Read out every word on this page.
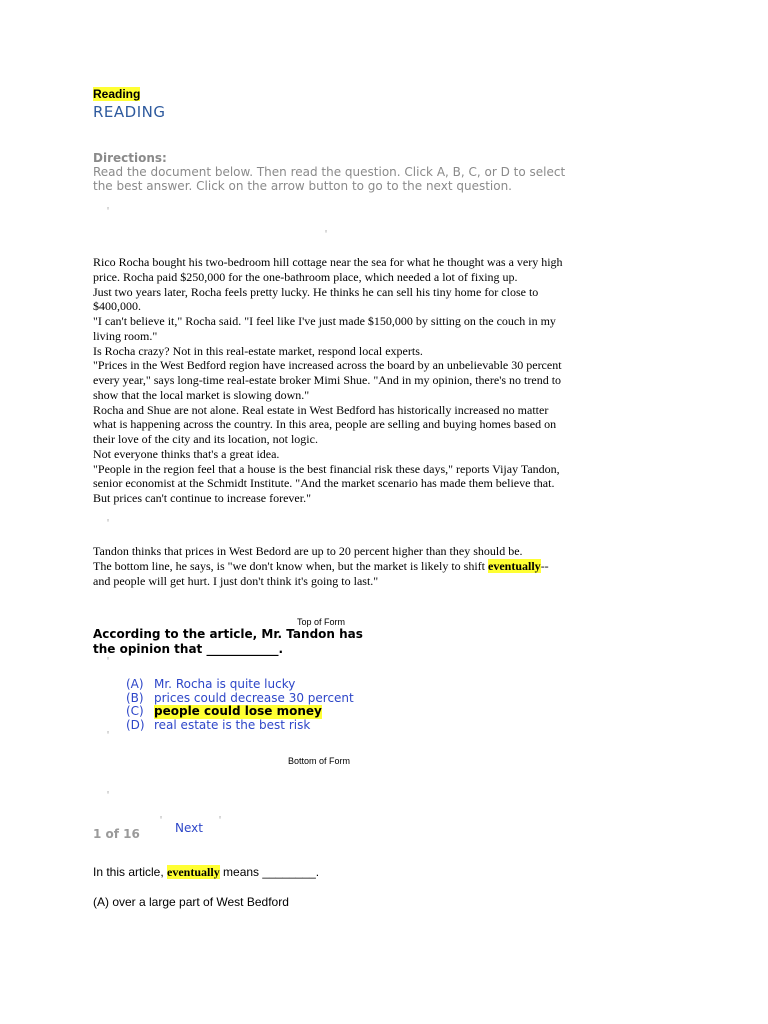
Reading
READING
Directions:
Read the document below. Then read the question. Click A, B, C, or D to select the best answer. Click on the arrow button to go to the next question.
◦
◦

Rico Rocha bought his two-bedroom hill cottage near the sea for what he thought was a very high price. Rocha paid $250,000 for the one-bathroom place, which needed a lot of fixing up.

Just two years later, Rocha feels pretty lucky. He thinks he can sell his tiny home for close to $400,000.

"I can't believe it," Rocha said. "I feel like I've just made $150,000 by sitting on the couch in my living room."

Is Rocha crazy? Not in this real-estate market, respond local experts.

"Prices in the West Bedford region have increased across the board by an unbelievable 30 percent every year," says long-time real-estate broker Mimi Shue. "And in my opinion, there's no trend to show that the local market is slowing down."

Rocha and Shue are not alone. Real estate in West Bedford has historically increased no matter what is happening across the country. In this area, people are selling and buying homes based on their love of the city and its location, not logic.

Not everyone thinks that's a great idea.

"People in the region feel that a house is the best financial risk these days," reports Vijay Tandon, senior economist at the Schmidt Institute. "And the market scenario has made them believe that. But prices can't continue to increase forever."

◦

Tandon thinks that prices in West Bedord are up to 20 percent higher than they should be.

The bottom line, he says, is "we don't know when, but the market is likely to shift eventually--and people will get hurt. I just don't think it's going to last."

Top of Form
According to the article, Mr. Tandon has the opinion that ____________.
◦
(A) Mr. Rocha is quite lucky
(B) prices could decrease 30 percent
(C) people could lose money
(D) real estate is the best risk
◦
Bottom of Form
◦
◦	◦
1 of 16	Next
In this article, eventually means ________.
(A) over a large part of West Bedford
